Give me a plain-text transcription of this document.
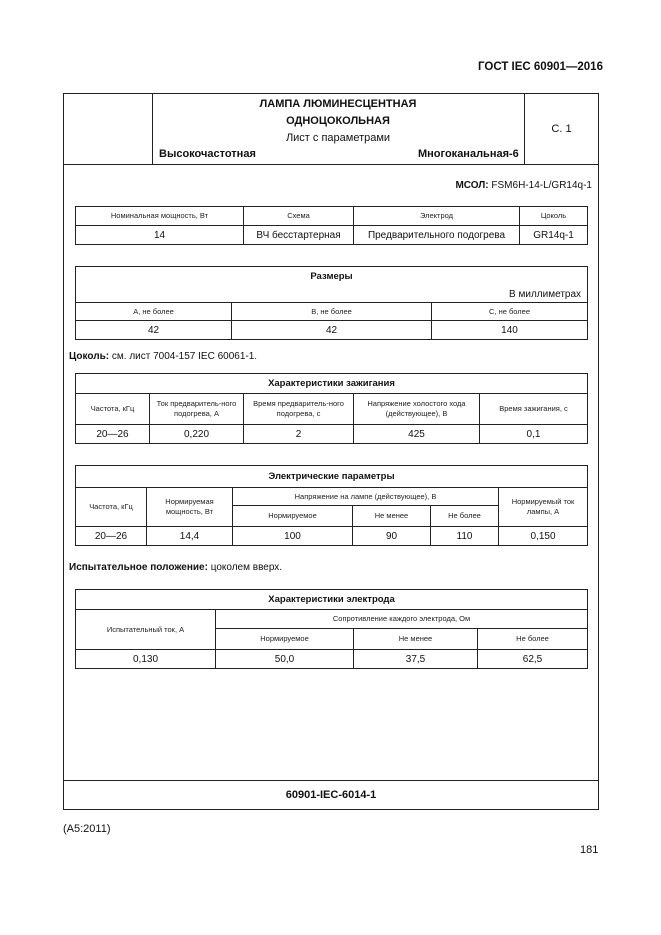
ГОСТ IEC 60901—2016
ЛАМПА ЛЮМИНЕСЦЕНТНАЯ
ОДНОЦОКОЛЬНАЯ
Лист с параметрами
Высокочастотная	Многоканальная-6
С. 1
МСОЛ: FSM6H-14-L/GR14q-1
Номинальная мощность, Вт	Схема	Электрод	Цоколь
14	ВЧ бесстартерная	Предварительного подогрева	GR14q-1
Размеры		
В миллиметрах		
A, не более	B, не более	C, не более
42	42	140
Цоколь: см. лист 7004-157 IEC 60061-1.
Характеристики зажигания				
Частота, кГц	Ток предваритель-ного подогрева, А	Время предваритель-ного подогрева, с	Напряжение холостого хода (действующее), В	Время зажигания, с
20—26	0,220	2	425	0,1
Электрические параметры					
Частота, кГц	Нормируемая мощность, Вт	Напряжение на лампе (действующее), В			Нормируемый ток лампы, А
		Нормируемое	Не менее	Не более	
20—26	14,4	100	90	110	0,150
Испытательное положение: цоколем вверх.
Характеристики электрода			
Испытательный ток, А	Сопротивление каждого электрода, Ом		
	Нормируемое	Не менее	Не более
0,130	50,0	37,5	62,5
60901-IEC-6014-1
(А5:2011)
181
